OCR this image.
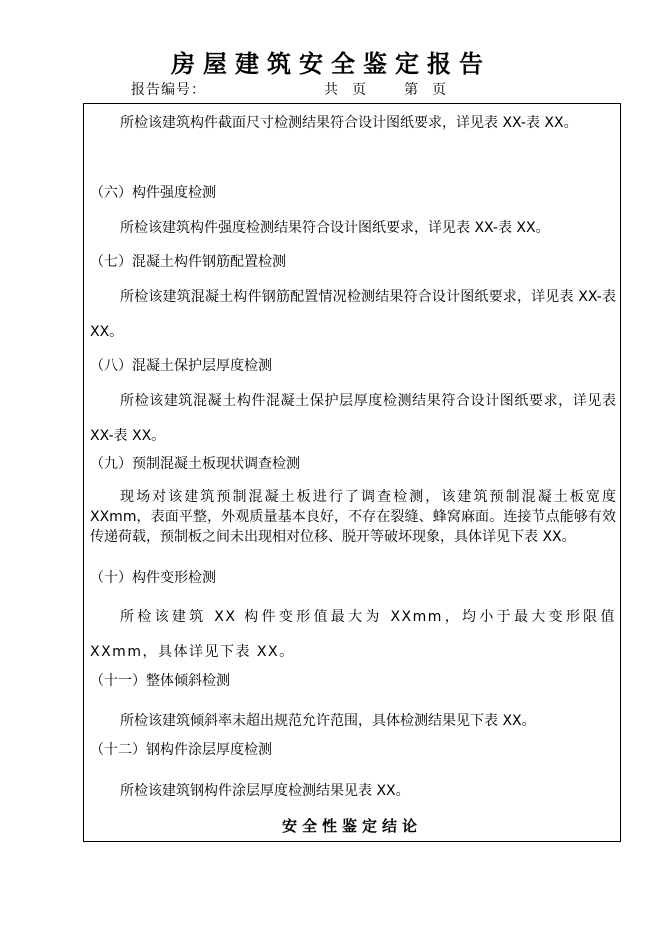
房屋建筑安全鉴定报告
报告编号：	共　页	第　页

所检该建筑构件截面尺寸检测结果符合设计图纸要求，详见表 XX-表 XX。

（六）构件强度检测

所检该建筑构件强度检测结果符合设计图纸要求，详见表 XX-表 XX。

（七）混凝土构件钢筋配置检测

所检该建筑混凝土构件钢筋配置情况检测结果符合设计图纸要求，详见表 XX-表 XX。

（八）混凝土保护层厚度检测

所检该建筑混凝土构件混凝土保护层厚度检测结果符合设计图纸要求，详见表 XX-表 XX。

（九）预制混凝土板现状调查检测

现场对该建筑预制混凝土板进行了调查检测，该建筑预制混凝土板宽度 XXmm，表面平整，外观质量基本良好，不存在裂缝、蜂窝麻面。连接节点能够有效传递荷载，预制板之间未出现相对位移、脱开等破坏现象，具体详见下表 XX。

（十）构件变形检测

所检该建筑 XX 构件变形值最大为 XXmm，均小于最大变形限值 XXmm，具体详见下表 XX。

（十一）整体倾斜检测

所检该建筑倾斜率未超出规范允许范围，具体检测结果见下表 XX。

（十二）钢构件涂层厚度检测

所检该建筑钢构件涂层厚度检测结果见表 XX。

安全性鉴定结论
